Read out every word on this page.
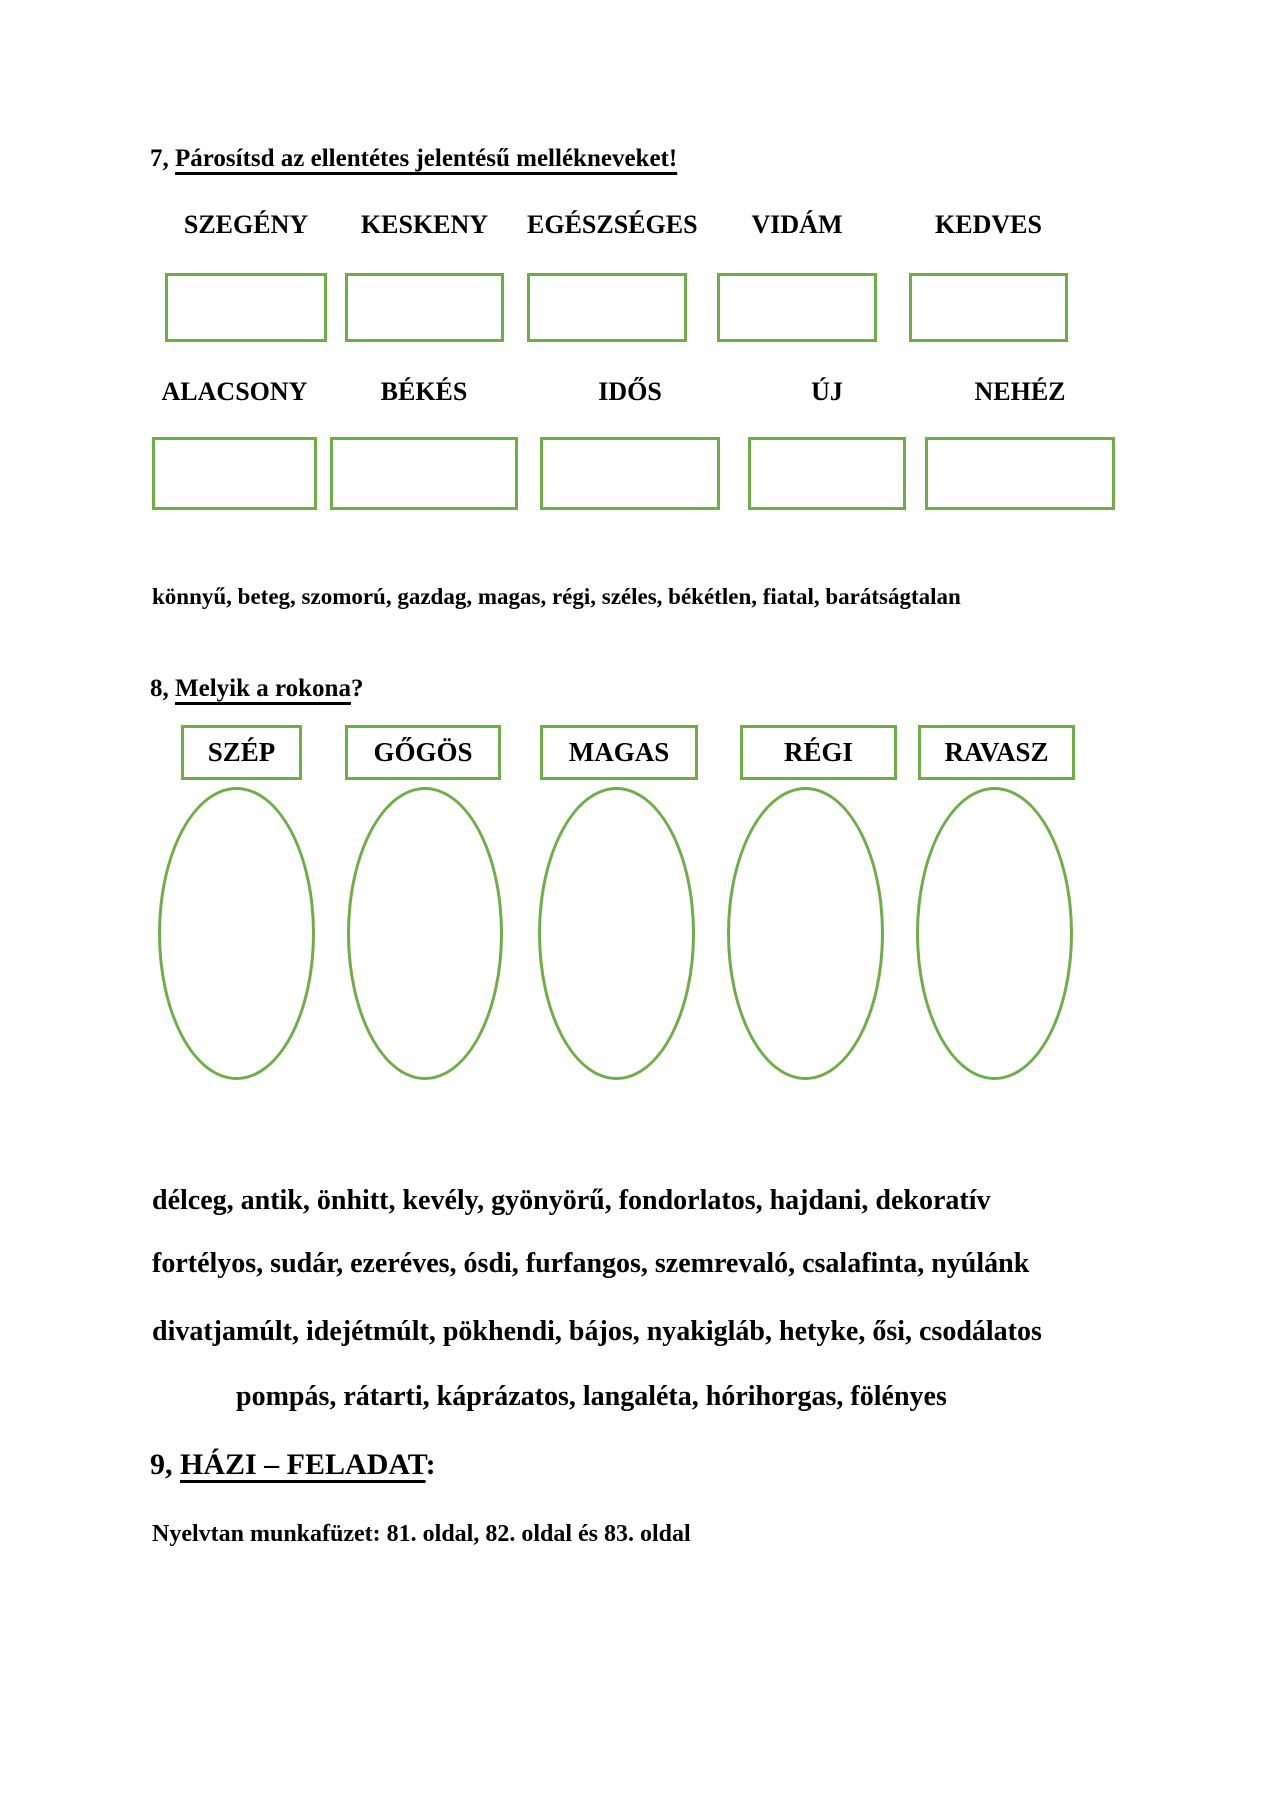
7, Párosítsd az ellentétes jelentésű mellékneveket!
SZEGÉNY	KESKENY	EGÉSZSÉGES	VIDÁM	KEDVES
ALACSONY	BÉKÉS	IDŐS	ÚJ	NEHÉZ
könnyű, beteg, szomorú, gazdag, magas, régi, széles, békétlen, fiatal, barátságtalan
8, Melyik a rokona?
SZÉP	GŐGÖS	MAGAS	RÉGI	RAVASZ
délceg, antik, önhitt, kevély, gyönyörű, fondorlatos, hajdani, dekoratív
fortélyos, sudár, ezeréves, ósdi, furfangos, szemrevaló, csalafinta, nyúlánk
divatjamúlt, idejétmúlt, pökhendi, bájos, nyakigláb, hetyke, ősi, csodálatos
pompás, rátarti, káprázatos, langaléta, hórihorgas, fölényes
9, HÁZI – FELADAT:
Nyelvtan munkafüzet: 81. oldal, 82. oldal és 83. oldal
